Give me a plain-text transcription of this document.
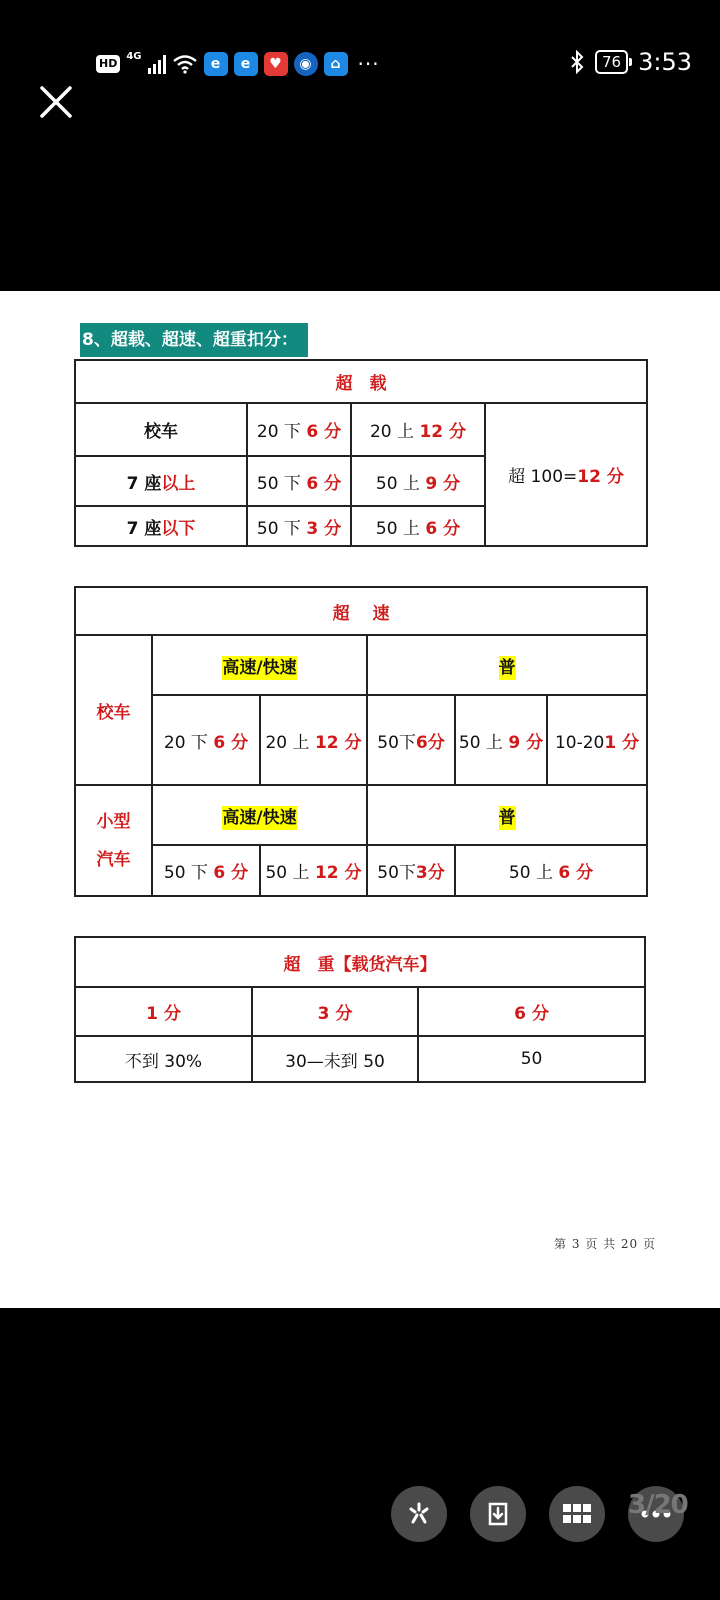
HD
4G	e	e	♥	◉	⌂ ···	76 3:53
8、超载、超速、超重扣分：
超　载			
校车	20 下 6 分	20 上 12 分	超 100=12 分
7 座以上	50 下 6 分	50 上 9 分	
7 座以下	50 下 3 分	50 上 6 分	
超　 速					
校车	高速/快速		普		
	20 下 6 分	20 上 12 分	50下6分	50 上 9 分	10-201 分
小型
汽车	高速/快速		普		
	50 下 6 分	50 上 12 分	50下3分	50 上 6 分	
超　重【载货汽车】		
1 分	3 分	6 分
不到 30%	30—未到 50	50
第 3 页 共 20 页
3/20
